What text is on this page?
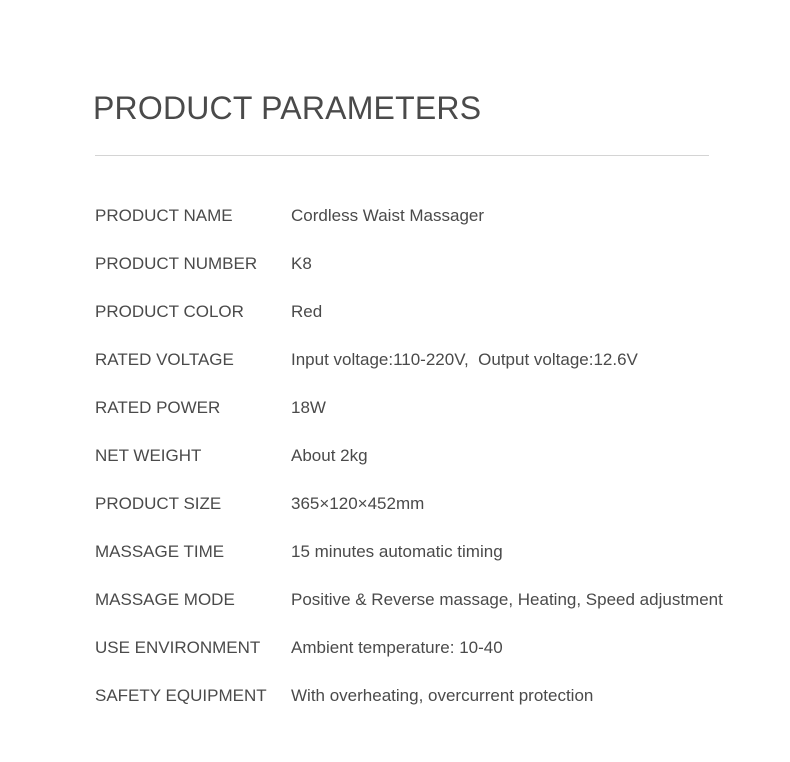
PRODUCT PARAMETERS
PRODUCT NAME	Cordless Waist Massager
PRODUCT NUMBER	K8
PRODUCT COLOR	Red
RATED VOLTAGE	Input voltage:110-220V,  Output voltage:12.6V
RATED POWER	18W
NET WEIGHT	About 2kg
PRODUCT SIZE	365×120×452mm
MASSAGE TIME	15 minutes automatic timing
MASSAGE MODE	Positive & Reverse massage, Heating, Speed adjustment
USE ENVIRONMENT	Ambient temperature: 10-40
SAFETY EQUIPMENT	With overheating, overcurrent protection
